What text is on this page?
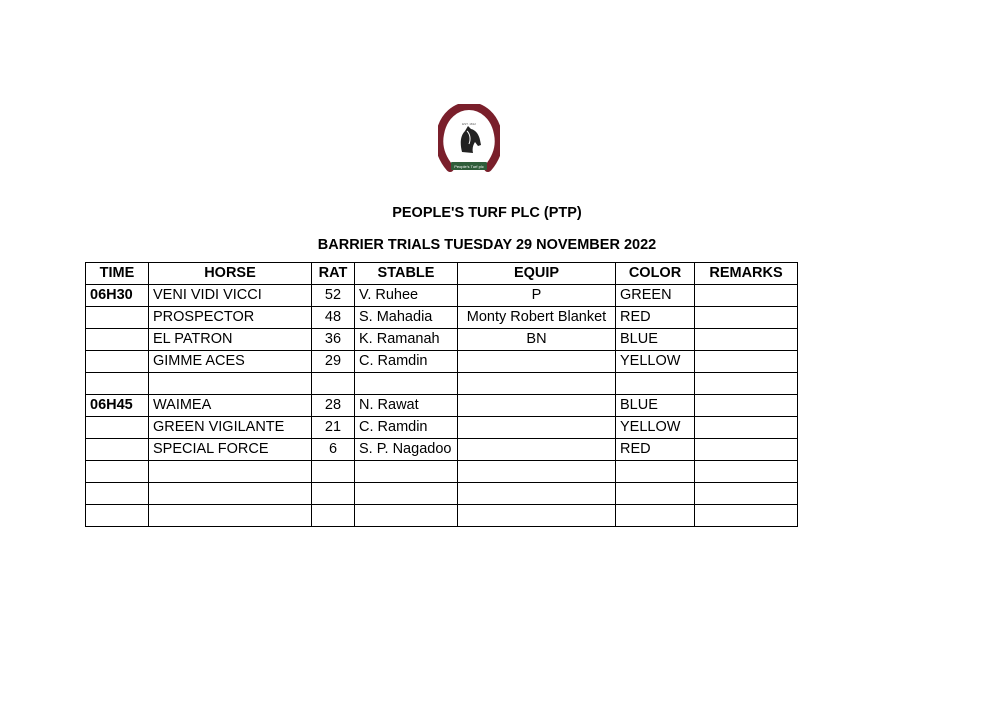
PTP
EST. 1812
People's Turf plc
PEOPLE'S TURF PLC (PTP)
BARRIER TRIALS TUESDAY 29 NOVEMBER 2022
TIME	HORSE	RAT	STABLE	EQUIP	COLOR	REMARKS
06H30	VENI VIDI VICCI	52	V. Ruhee	P	GREEN	
	PROSPECTOR	48	S. Mahadia	Monty Robert Blanket	RED	
	EL PATRON	36	K. Ramanah	BN	BLUE	
	GIMME ACES	29	C. Ramdin		YELLOW	

06H45	WAIMEA	28	N. Rawat		BLUE	
	GREEN VIGILANTE	21	C. Ramdin		YELLOW	
	SPECIAL FORCE	6	S. P. Nagadoo		RED	
